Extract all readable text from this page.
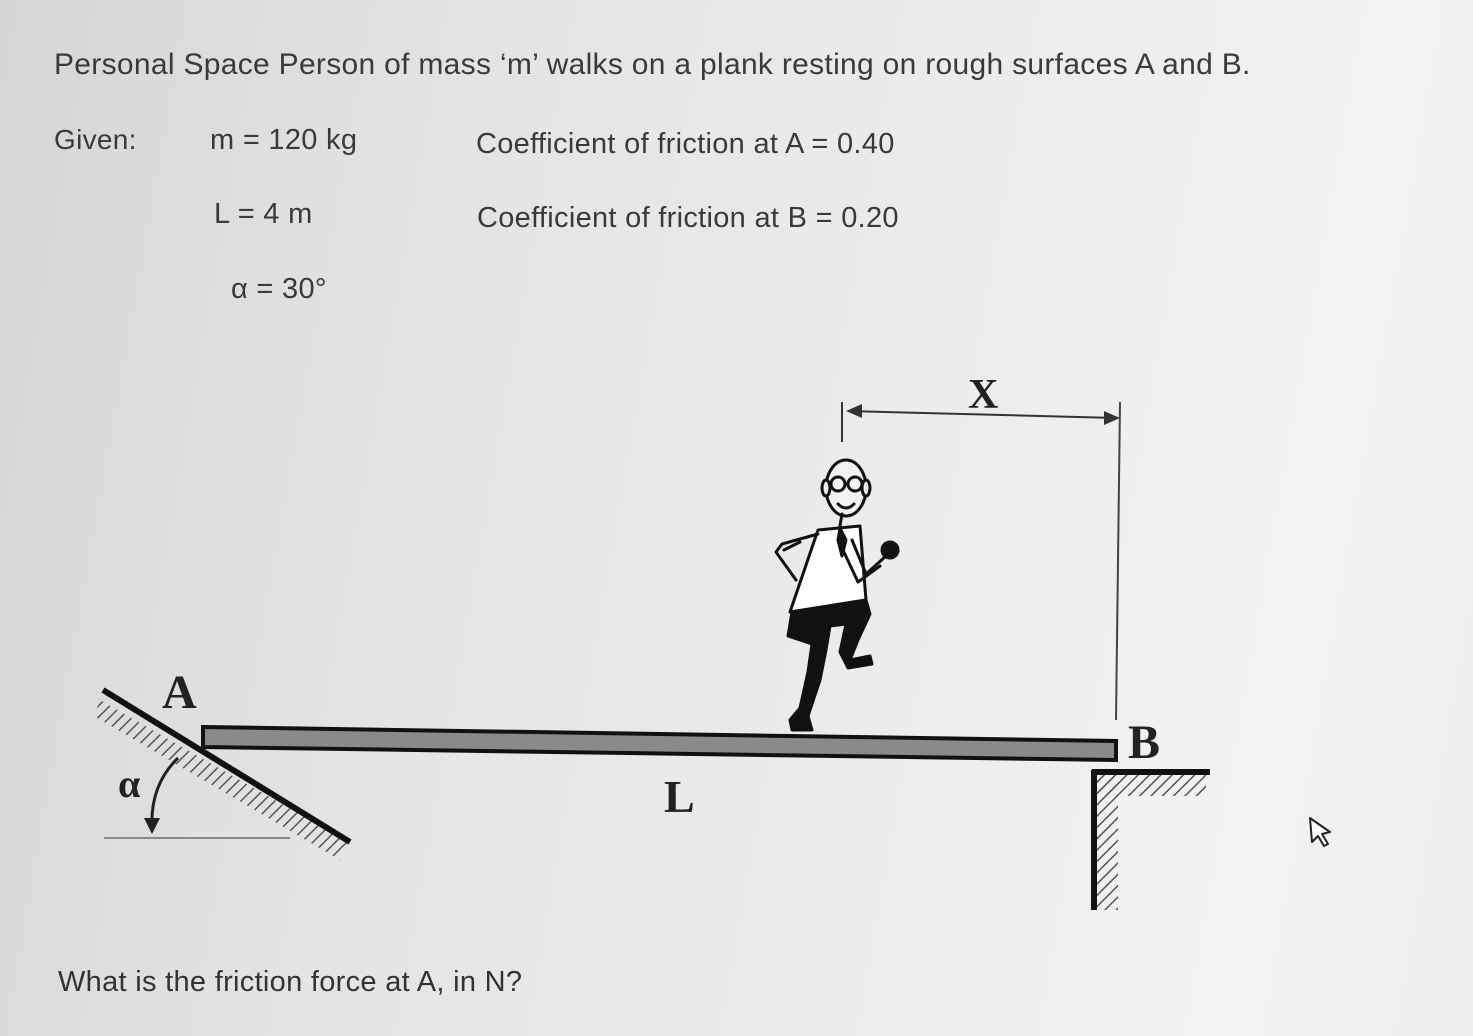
Personal Space Person of mass ‘m’ walks on a plank resting on rough surfaces A and B.
Given:	m = 120 kg
L = 4 m
α = 30°
Coefficient of friction at A = 0.40
Coefficient of friction at B = 0.20
α
A
B
L
X
What is the friction force at A, in N?
